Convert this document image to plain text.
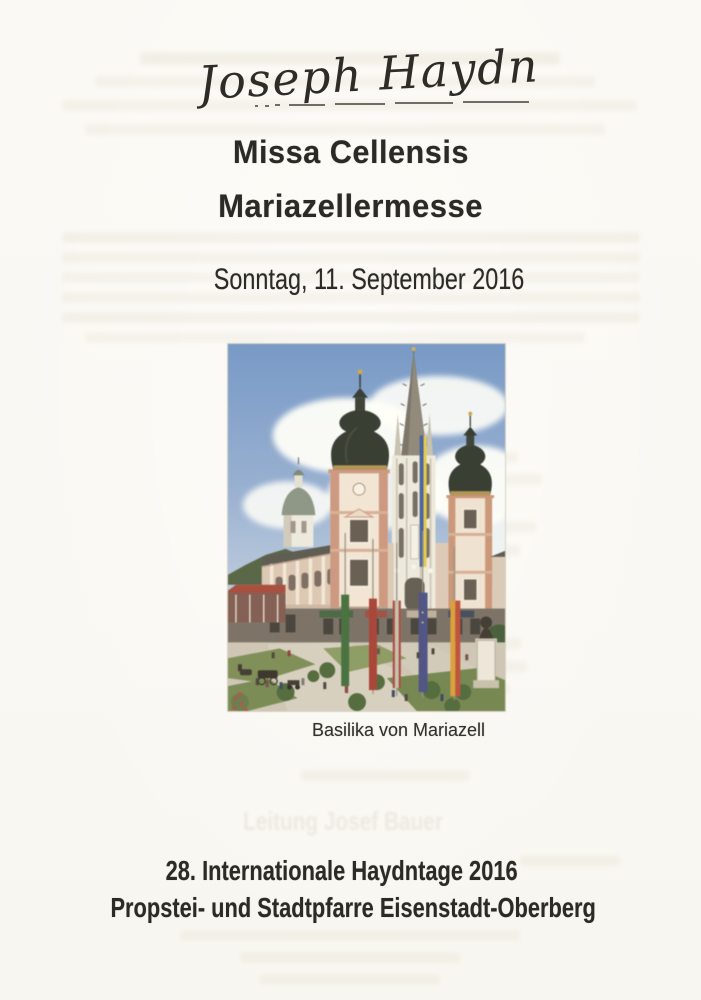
Leitung Josef Bauer
Joseph Haydn
Missa Cellensis
Mariazellermesse
Sonntag, 11. September 2016
Basilika von Mariazell
28. Internationale Haydntage 2016
Propstei- und Stadtpfarre Eisenstadt-Oberberg
